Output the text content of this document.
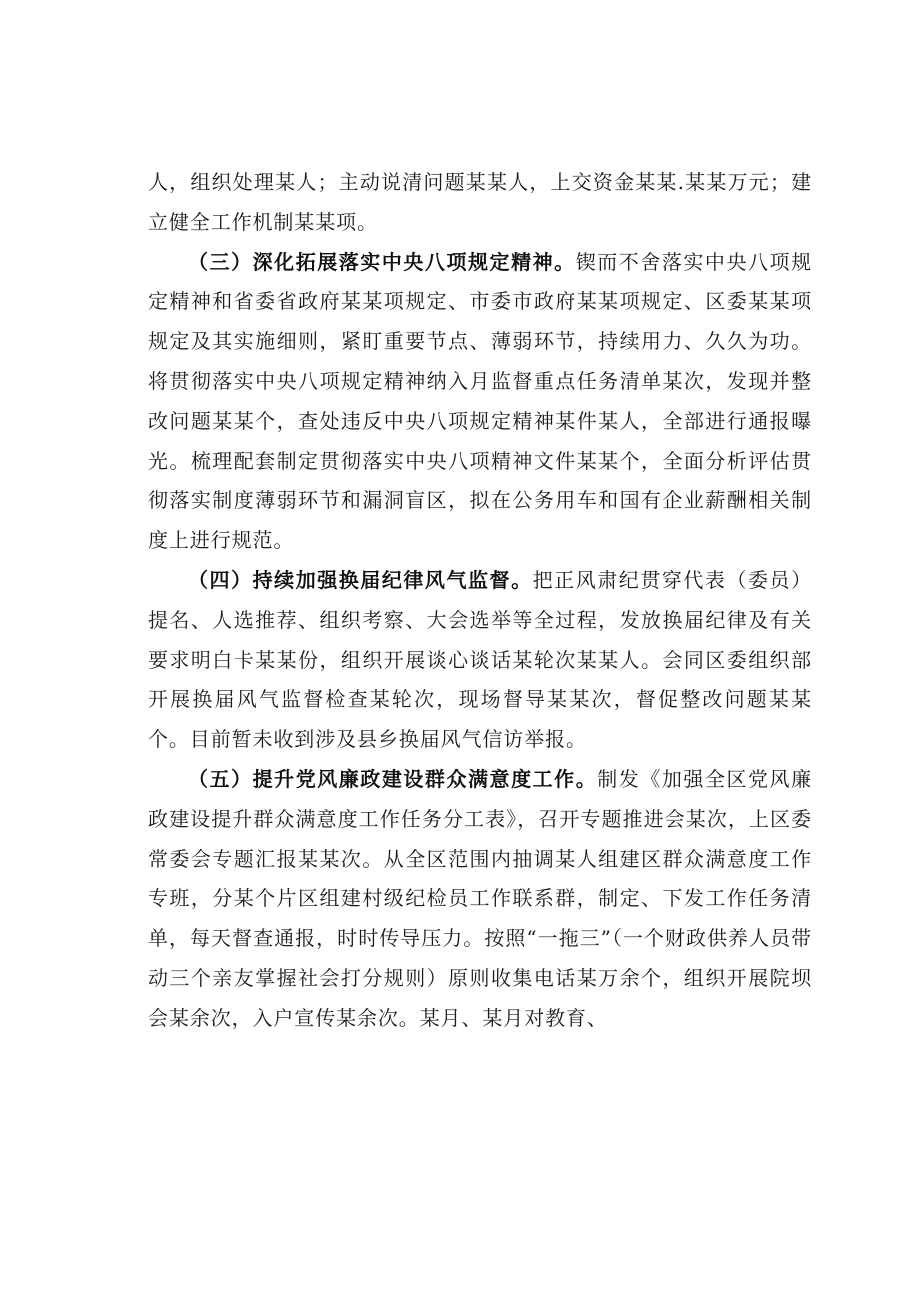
人，组织处理某人；主动说清问题某某人，上交资金某某.某某万元；建立健全工作机制某某项。

（三）深化拓展落实中央八项规定精神。锲而不舍落实中央八项规定精神和省委省政府某某项规定、市委市政府某某项规定、区委某某项规定及其实施细则，紧盯重要节点、薄弱环节，持续用力、久久为功。将贯彻落实中央八项规定精神纳入月监督重点任务清单某次，发现并整改问题某某个，查处违反中央八项规定精神某件某人，全部进行通报曝光。梳理配套制定贯彻落实中央八项精神文件某某个，全面分析评估贯彻落实制度薄弱环节和漏洞盲区，拟在公务用车和国有企业薪酬相关制度上进行规范。

（四）持续加强换届纪律风气监督。把正风肃纪贯穿代表（委员）提名、人选推荐、组织考察、大会选举等全过程，发放换届纪律及有关要求明白卡某某份，组织开展谈心谈话某轮次某某人。会同区委组织部开展换届风气监督检查某轮次，现场督导某某次，督促整改问题某某个。目前暂未收到涉及县乡换届风气信访举报。

（五）提升党风廉政建设群众满意度工作。制发《加强全区党风廉政建设提升群众满意度工作任务分工表》，召开专题推进会某次，上区委常委会专题汇报某某次。从全区范围内抽调某人组建区群众满意度工作专班，分某个片区组建村级纪检员工作联系群，制定、下发工作任务清单，每天督查通报，时时传导压力。按照“一拖三”（一个财政供养人员带动三个亲友掌握社会打分规则）原则收集电话某万余个，组织开展院坝会某余次，入户宣传某余次。某月、某月对教育、
